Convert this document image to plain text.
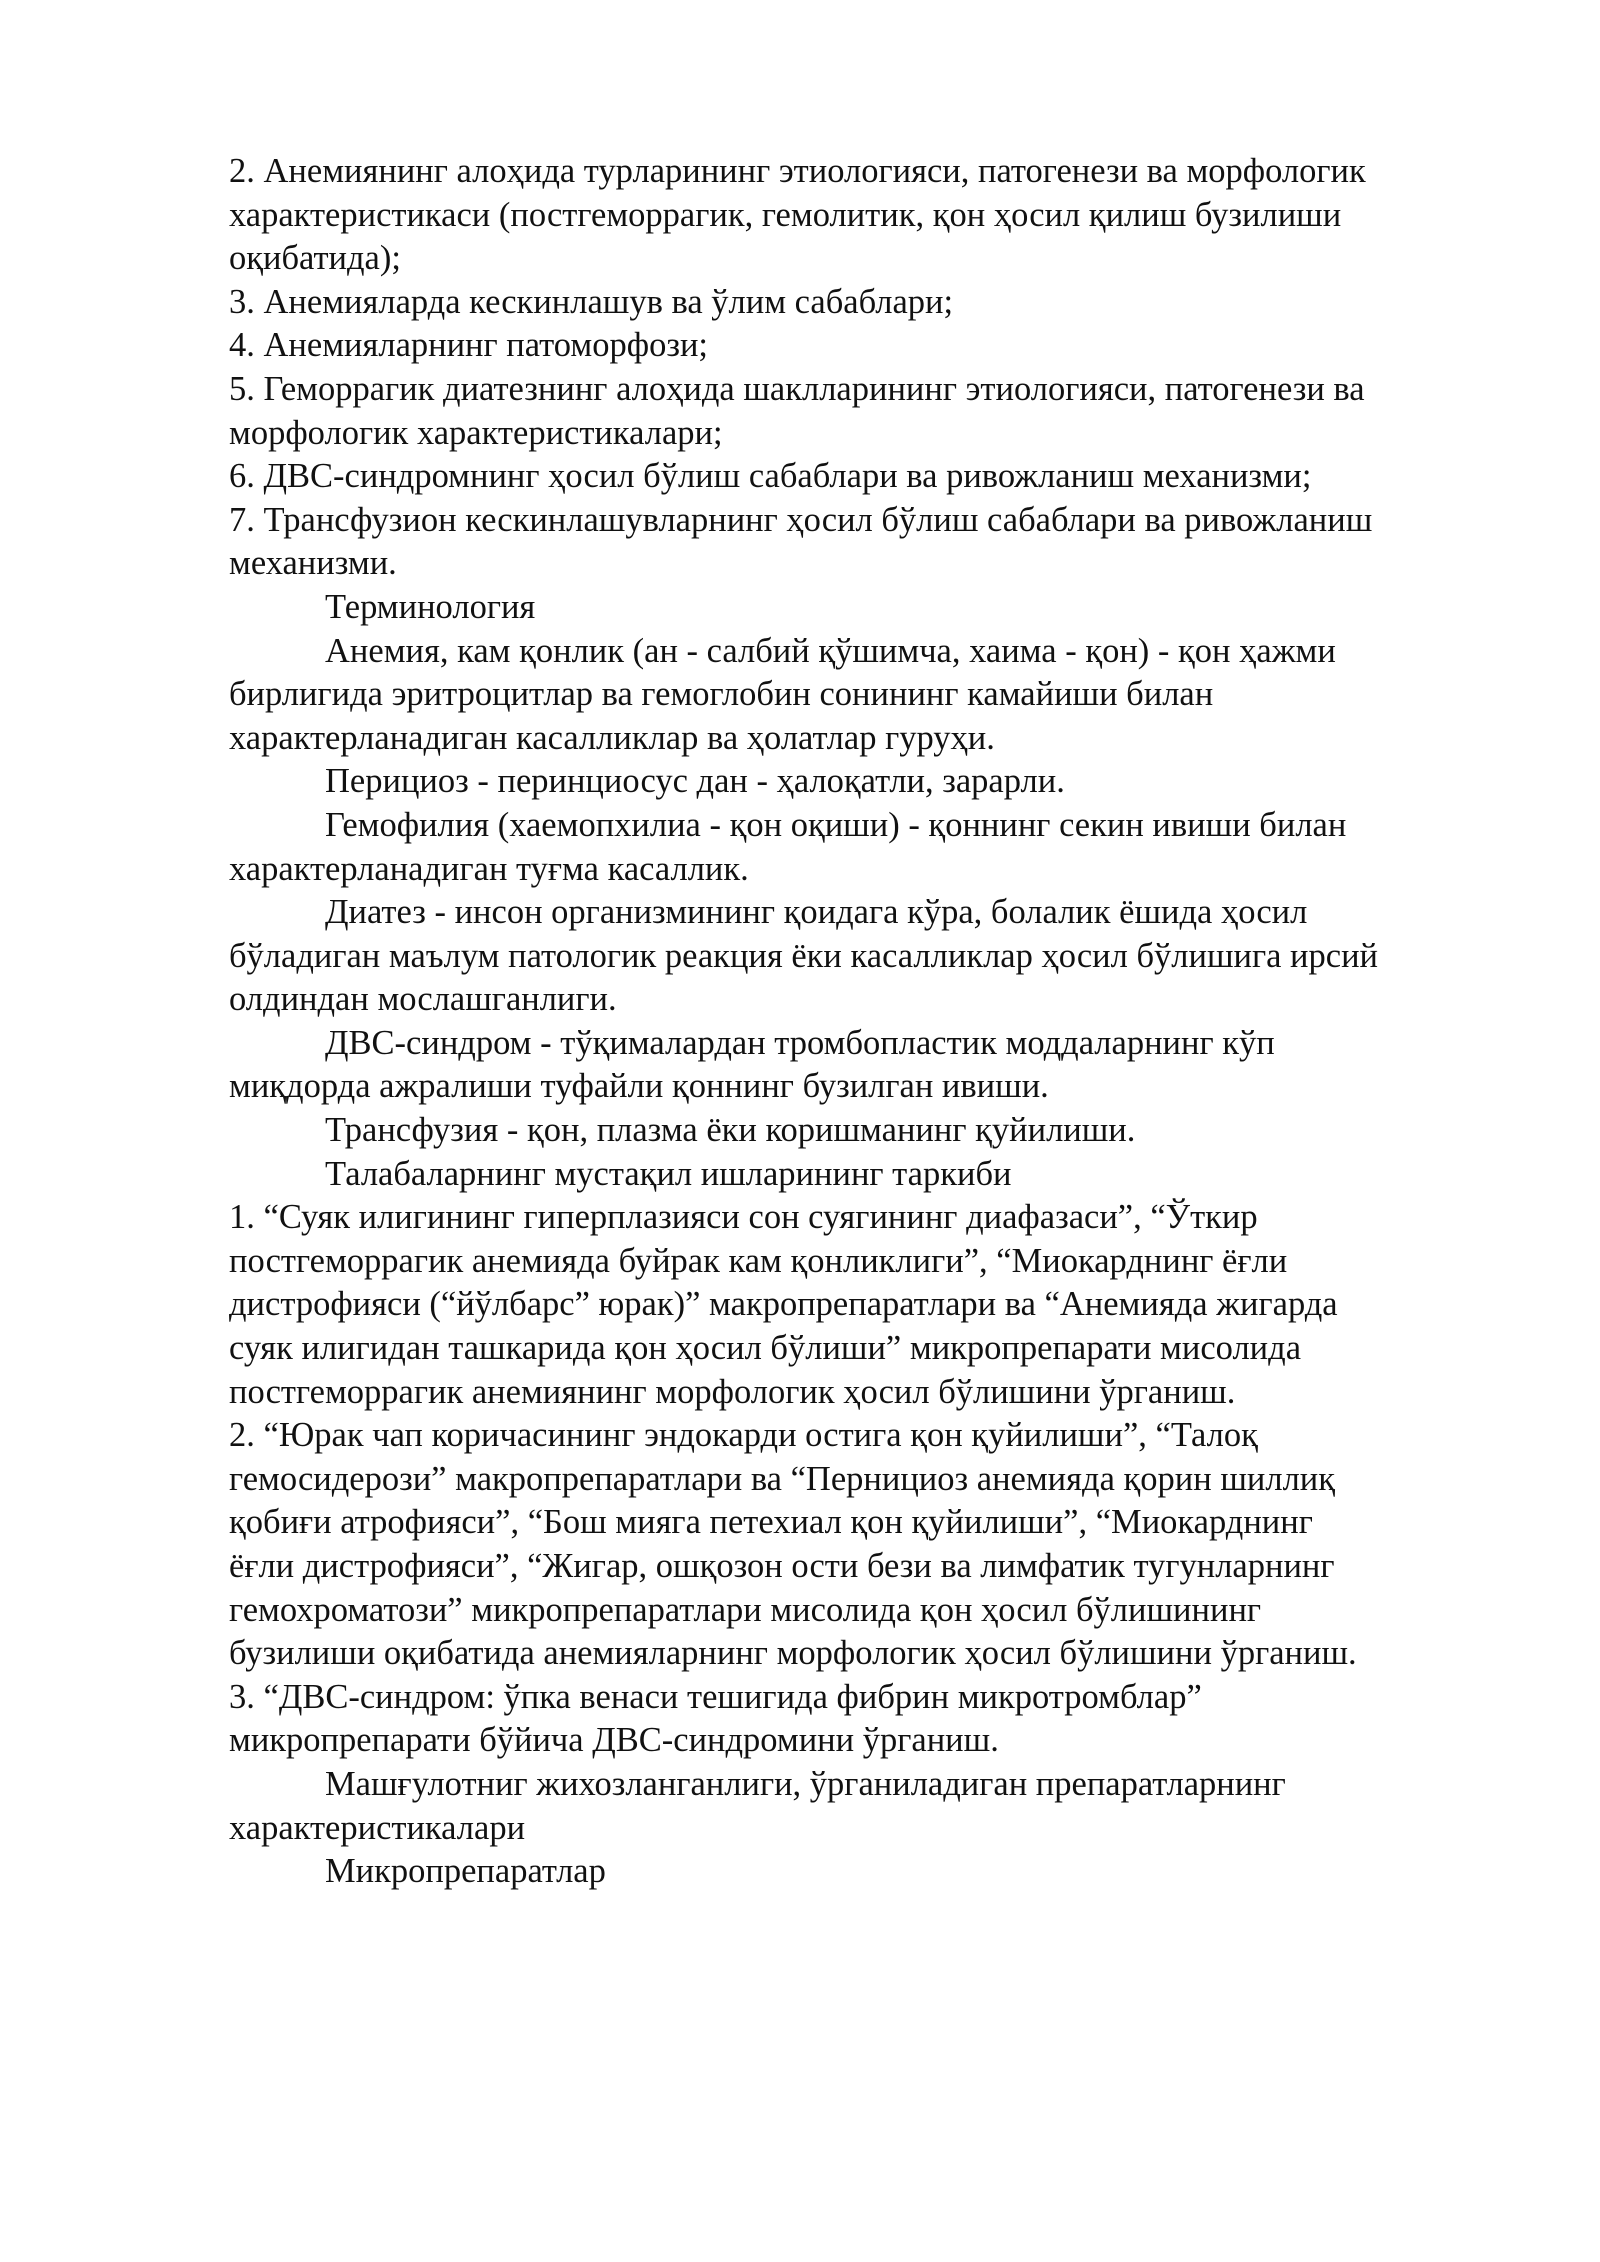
2. Анемиянинг алоҳида турларининг этиологияси, патогенези ва морфологик

характеристикаси (постгеморрагик, гемолитик, қон ҳосил қилиш бузилиши

оқибатида);

3. Анемияларда кескинлашув ва ўлим сабаблари;

4. Анемияларнинг патоморфози;

5. Геморрагик диатезнинг алоҳида шаклларининг этиологияси, патогенези ва

морфологик характеристикалари;

6. ДВС-синдромнинг ҳосил бўлиш сабаблари ва ривожланиш механизми;

7. Трансфузион кескинлашувларнинг ҳосил бўлиш сабаблари ва ривожланиш

механизми.

Терминология

Анемия, кам қонлик (ан - салбий қўшимча, хаима - қон) - қон ҳажми

бирлигида эритроцитлар ва гемоглобин сонининг камайиши билан

характерланадиган касалликлар ва ҳолатлар гуруҳи.

Перициоз - перинциосус дан - ҳалоқатли, зарарли.

Гемофилия (хаемопхилиа - қон оқиши) - қоннинг секин ивиши билан

характерланадиган туғма касаллик.

Диатез - инсон организмининг қоидага кўра, болалик ёшида ҳосил

бўладиган маълум патологик реакция ёки касалликлар ҳосил бўлишига ирсий

олдиндан мослашганлиги.

ДВС-синдром - тўқималардан тромбопластик моддаларнинг кўп

миқдорда ажралиши туфайли қоннинг бузилган ивиши.

Трансфузия - қон, плазма ёки коришманинг қуйилиши.

Талабаларнинг мустақил ишларининг таркиби

1. “Суяк илигининг гиперплазияси сон суягининг диафазаси”, “Ўткир

постгеморрагик анемияда буйрак кам қонликлиги”, “Миокарднинг ёғли

дистрофияси (“йўлбарс” юрак)” макропрепаратлари ва “Анемияда жигарда

суяк илигидан ташкарида қон ҳосил бўлиши” микропрепарати мисолида

постгеморрагик анемиянинг морфологик ҳосил бўлишини ўрганиш.

2. “Юрак чап коричасининг эндокарди остига қон қуйилиши”, “Талоқ

гемосидерози” макропрепаратлари ва “Пернициоз анемияда қорин шиллиқ

қобиғи атрофияси”, “Бош мияга петехиал қон қуйилиши”, “Миокарднинг

ёғли дистрофияси”, “Жигар, ошқозон ости бези ва лимфатик тугунларнинг

гемохроматози” микропрепаратлари мисолида қон ҳосил бўлишининг

бузилиши оқибатида анемияларнинг морфологик ҳосил бўлишини ўрганиш.

3. “ДВС-синдром: ўпка венаси тешигида фибрин микротромблар”

микропрепарати бўйича ДВС-синдромини ўрганиш.

Машғулотниг жихозланганлиги, ўрганиладиган препаратларнинг

характеристикалари

Микропрепаратлар
